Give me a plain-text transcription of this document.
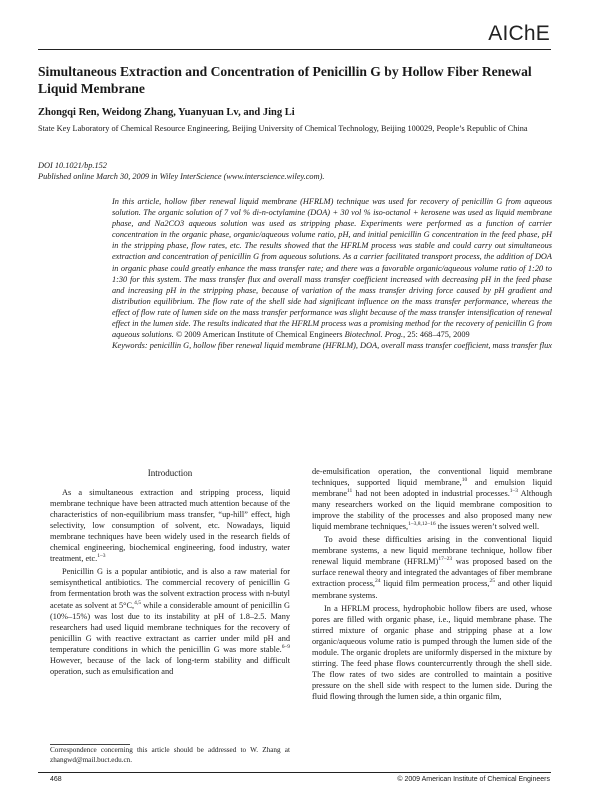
AIChE
Simultaneous Extraction and Concentration of Penicillin G by Hollow Fiber Renewal Liquid Membrane
Zhongqi Ren, Weidong Zhang, Yuanyuan Lv, and Jing Li
State Key Laboratory of Chemical Resource Engineering, Beijing University of Chemical Technology, Beijing 100029, People’s Republic of China
DOI 10.1021/bp.152
Published online March 30, 2009 in Wiley InterScience (www.interscience.wiley.com).
In this article, hollow fiber renewal liquid membrane (HFRLM) technique was used for recovery of penicillin G from aqueous solution. The organic solution of 7 vol % di-n-octylamine (DOA) + 30 vol % iso-octanol + kerosene was used as liquid membrane phase, and Na2CO3 aqueous solution was used as stripping phase. Experiments were performed as a function of carrier concentration in the organic phase, organic/aqueous volume ratio, pH, and initial penicillin G concentration in the feed phase, pH in the stripping phase, flow rates, etc. The results showed that the HFRLM process was stable and could carry out simultaneous extraction and concentration of penicillin G from aqueous solutions. As a carrier facilitated transport process, the addition of DOA in organic phase could greatly enhance the mass transfer rate; and there was a favorable organic/aqueous volume ratio of 1:20 to 1:30 for this system. The mass transfer flux and overall mass transfer coefficient increased with decreasing pH in the feed phase and increasing pH in the stripping phase, because of variation of the mass transfer driving force caused by pH gradient and distribution equilibrium. The flow rate of the shell side had significant influence on the mass transfer performance, whereas the effect of flow rate of lumen side on the mass transfer performance was slight because of the mass transfer intensification of renewal effect in the lumen side. The results indicated that the HFRLM process was a promising method for the recovery of penicillin G from aqueous solutions. © 2009 American Institute of Chemical Engineers Biotechnol. Prog., 25: 468–475, 2009
Keywords: penicillin G, hollow fiber renewal liquid membrane (HFRLM), DOA, overall mass transfer coefficient, mass transfer flux
Introduction

As a simultaneous extraction and stripping process, liquid membrane technique have been attracted much attention because of the characteristics of non-equilibrium mass transfer, “up-hill” effect, high selectivity, low consumption of solvent, etc. Nowadays, liquid membrane techniques have been widely used in the research fields of chemical engineering, biochemical engineering, food industry, water treatment, etc.$^{1-3}$

Penicillin G is a popular antibiotic, and is also a raw material for semisynthetical antibiotics. The commercial recovery of penicillin G from fermentation broth was the solvent extraction process with n-butyl acetate as solvent at 5°C,$^{4,5}$ while a considerable amount of penicillin G (10%–15%) was lost due to its instability at pH of 1.8–2.5. Many researchers had used liquid membrane techniques for the recovery of penicillin G with reactive extractant as carrier under mild pH and temperature conditions in which the penicillin G was more stable.$^{6-9}$ However, because of the lack of long-term stability and difficult operation, such as emulsification and

de-emulsification operation, the conventional liquid membrane techniques, supported liquid membrane,$^{10}$ and emulsion liquid membrane$^{11}$ had not been adopted in industrial processes.$^{1-3}$ Although many researchers worked on the liquid membrane composition to improve the stability of the processes and also proposed many new liquid membrane techniques,$^{1-3,8,12-16}$ the issues weren’t solved well.

To avoid these difficulties arising in the conventional liquid membrane systems, a new liquid membrane technique, hollow fiber renewal liquid membrane (HFRLM)$^{17-23}$ was proposed based on the surface renewal theory and integrated the advantages of fiber membrane extraction process,$^{24}$ liquid film permeation process,$^{25}$ and other liquid membrane systems.

In a HFRLM process, hydrophobic hollow fibers are used, whose pores are filled with organic phase, i.e., liquid membrane phase. The stirred mixture of organic phase and stripping phase at a low organic/aqueous volume ratio is pumped through the lumen side of the module. The organic droplets are uniformly dispersed in the mixture by stirring. The feed phase flows countercurrently through the shell side. The flow rates of two sides are controlled to maintain a positive pressure on the shell side with respect to the lumen side. During the fluid flowing through the lumen side, a thin organic film,

Correspondence concerning this article should be addressed to W. Zhang at zhangwd@mail.buct.edu.cn.
468	© 2009 American Institute of Chemical Engineers
